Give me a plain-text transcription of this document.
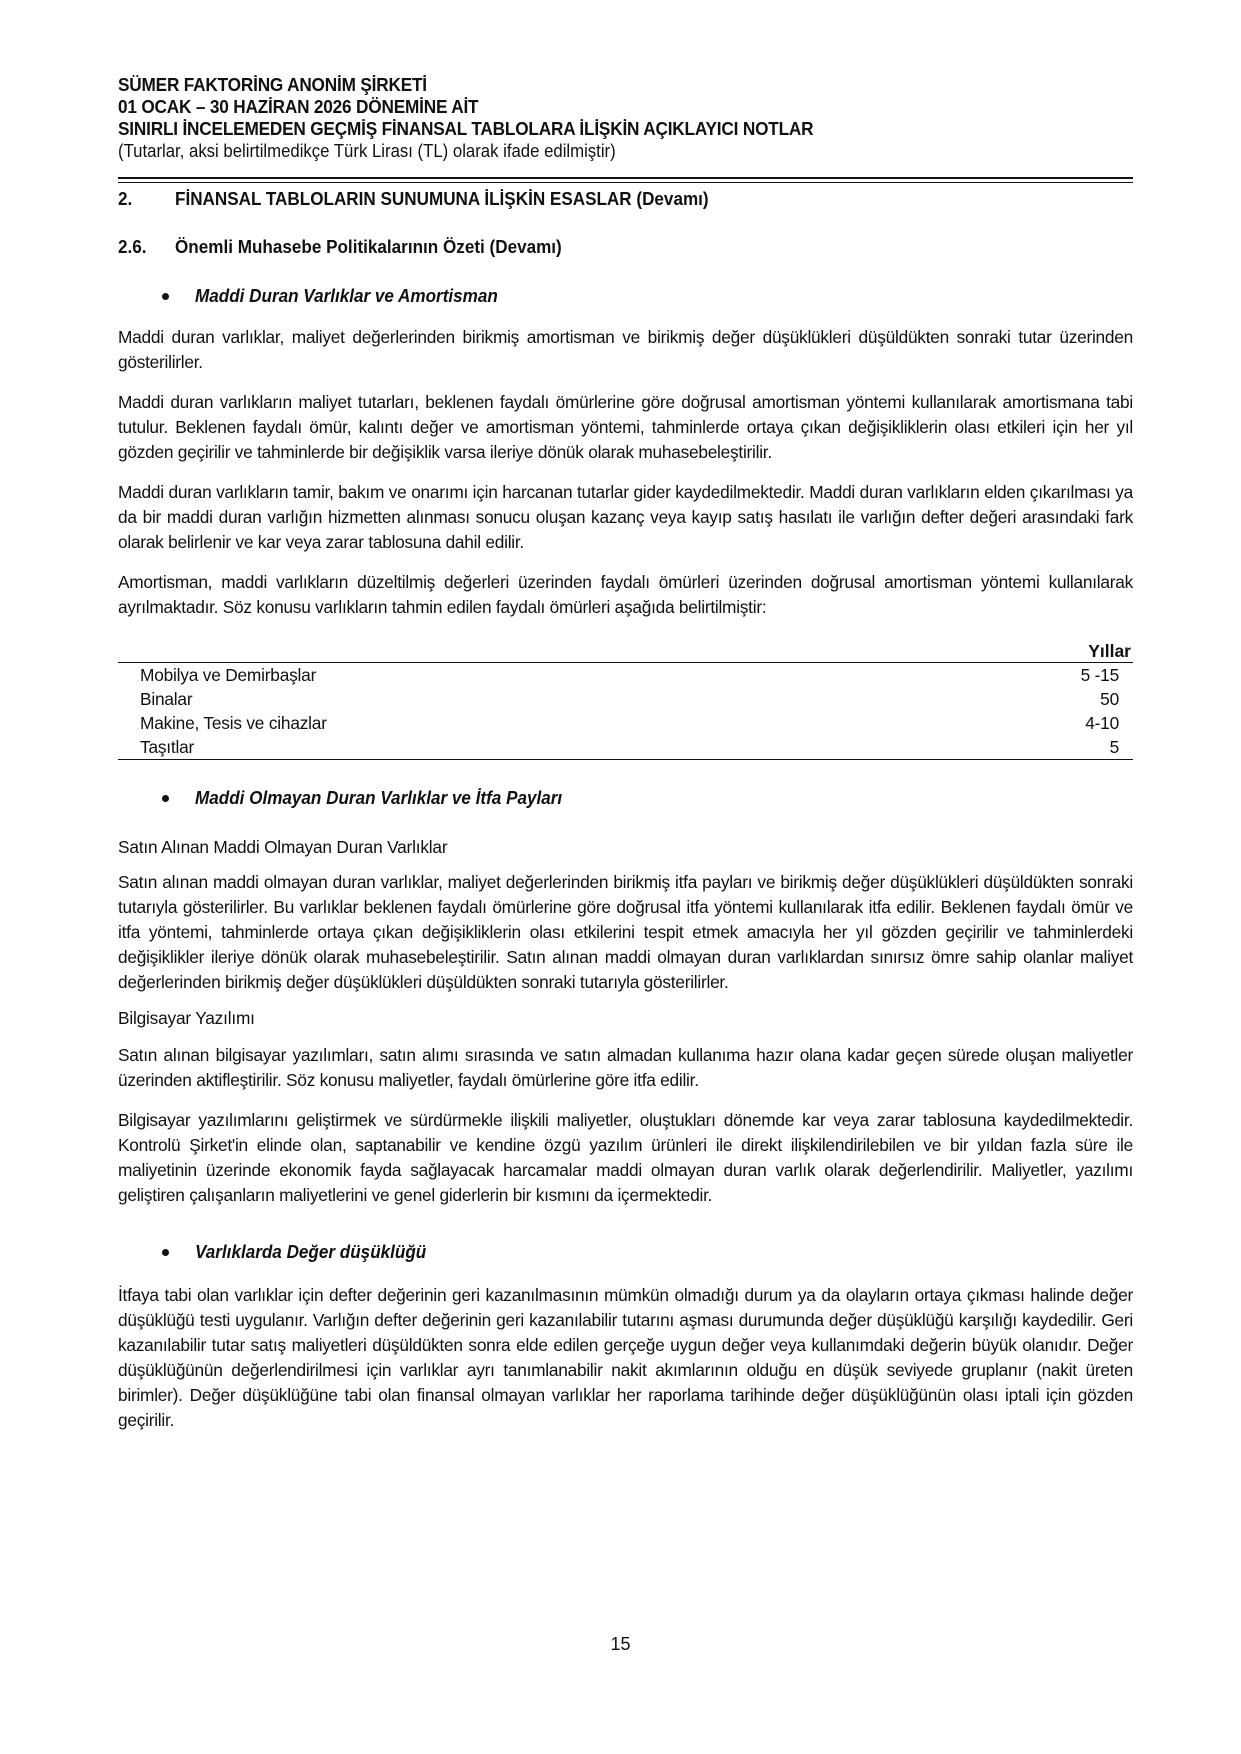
SÜMER FAKTORİNG ANONİM ŞİRKETİ
01 OCAK – 30 HAZİRAN 2026 DÖNEMİNE AİT
SINIRLI İNCELEMEDEN GEÇMİŞ FİNANSAL TABLOLARA İLİŞKİN AÇIKLAYICI NOTLAR
(Tutarlar, aksi belirtilmedikçe Türk Lirası (TL) olarak ifade edilmiştir)
2.	FİNANSAL TABLOLARIN SUNUMUNA İLİŞKİN ESASLAR (Devamı)
2.6.	Önemli Muhasebe Politikalarının Özeti (Devamı)
Maddi Duran Varlıklar ve Amortisman

Maddi duran varlıklar, maliyet değerlerinden birikmiş amortisman ve birikmiş değer düşüklükleri düşüldükten sonraki tutar üzerinden gösterilirler.

Maddi duran varlıkların maliyet tutarları, beklenen faydalı ömürlerine göre doğrusal amortisman yöntemi kullanılarak amortismana tabi tutulur. Beklenen faydalı ömür, kalıntı değer ve amortisman yöntemi, tahminlerde ortaya çıkan değişikliklerin olası etkileri için her yıl gözden geçirilir ve tahminlerde bir değişiklik varsa ileriye dönük olarak muhasebeleştirilir.

Maddi duran varlıkların tamir, bakım ve onarımı için harcanan tutarlar gider kaydedilmektedir. Maddi duran varlıkların elden çıkarılması ya da bir maddi duran varlığın hizmetten alınması sonucu oluşan kazanç veya kayıp satış hasılatı ile varlığın defter değeri arasındaki fark olarak belirlenir ve kar veya zarar tablosuna dahil edilir.

Amortisman, maddi varlıkların düzeltilmiş değerleri üzerinden faydalı ömürleri üzerinden doğrusal amortisman yöntemi kullanılarak ayrılmaktadır. Söz konusu varlıkların tahmin edilen faydalı ömürleri aşağıda belirtilmiştir:

Yıllar
Mobilya ve Demirbaşlar	5 -15
Binalar	50
Makine, Tesis ve cihazlar	4-10
Taşıtlar	5
Maddi Olmayan Duran Varlıklar ve İtfa Payları
Satın Alınan Maddi Olmayan Duran Varlıklar

Satın alınan maddi olmayan duran varlıklar, maliyet değerlerinden birikmiş itfa payları ve birikmiş değer düşüklükleri düşüldükten sonraki tutarıyla gösterilirler. Bu varlıklar beklenen faydalı ömürlerine göre doğrusal itfa yöntemi kullanılarak itfa edilir. Beklenen faydalı ömür ve itfa yöntemi, tahminlerde ortaya çıkan değişikliklerin olası etkilerini tespit etmek amacıyla her yıl gözden geçirilir ve tahminlerdeki değişiklikler ileriye dönük olarak muhasebeleştirilir. Satın alınan maddi olmayan duran varlıklardan sınırsız ömre sahip olanlar maliyet değerlerinden birikmiş değer düşüklükleri düşüldükten sonraki tutarıyla gösterilirler.

Bilgisayar Yazılımı

Satın alınan bilgisayar yazılımları, satın alımı sırasında ve satın almadan kullanıma hazır olana kadar geçen sürede oluşan maliyetler üzerinden aktifleştirilir. Söz konusu maliyetler, faydalı ömürlerine göre itfa edilir.

Bilgisayar yazılımlarını geliştirmek ve sürdürmekle ilişkili maliyetler, oluştukları dönemde kar veya zarar tablosuna kaydedilmektedir. Kontrolü Şirket'in elinde olan, saptanabilir ve kendine özgü yazılım ürünleri ile direkt ilişkilendirilebilen ve bir yıldan fazla süre ile maliyetinin üzerinde ekonomik fayda sağlayacak harcamalar maddi olmayan duran varlık olarak değerlendirilir. Maliyetler, yazılımı geliştiren çalışanların maliyetlerini ve genel giderlerin bir kısmını da içermektedir.

Varlıklarda Değer düşüklüğü

İtfaya tabi olan varlıklar için defter değerinin geri kazanılmasının mümkün olmadığı durum ya da olayların ortaya çıkması halinde değer düşüklüğü testi uygulanır. Varlığın defter değerinin geri kazanılabilir tutarını aşması durumunda değer düşüklüğü karşılığı kaydedilir. Geri kazanılabilir tutar satış maliyetleri düşüldükten sonra elde edilen gerçeğe uygun değer veya kullanımdaki değerin büyük olanıdır. Değer düşüklüğünün değerlendirilmesi için varlıklar ayrı tanımlanabilir nakit akımlarının olduğu en düşük seviyede gruplanır (nakit üreten birimler). Değer düşüklüğüne tabi olan finansal olmayan varlıklar her raporlama tarihinde değer düşüklüğünün olası iptali için gözden geçirilir.

15
